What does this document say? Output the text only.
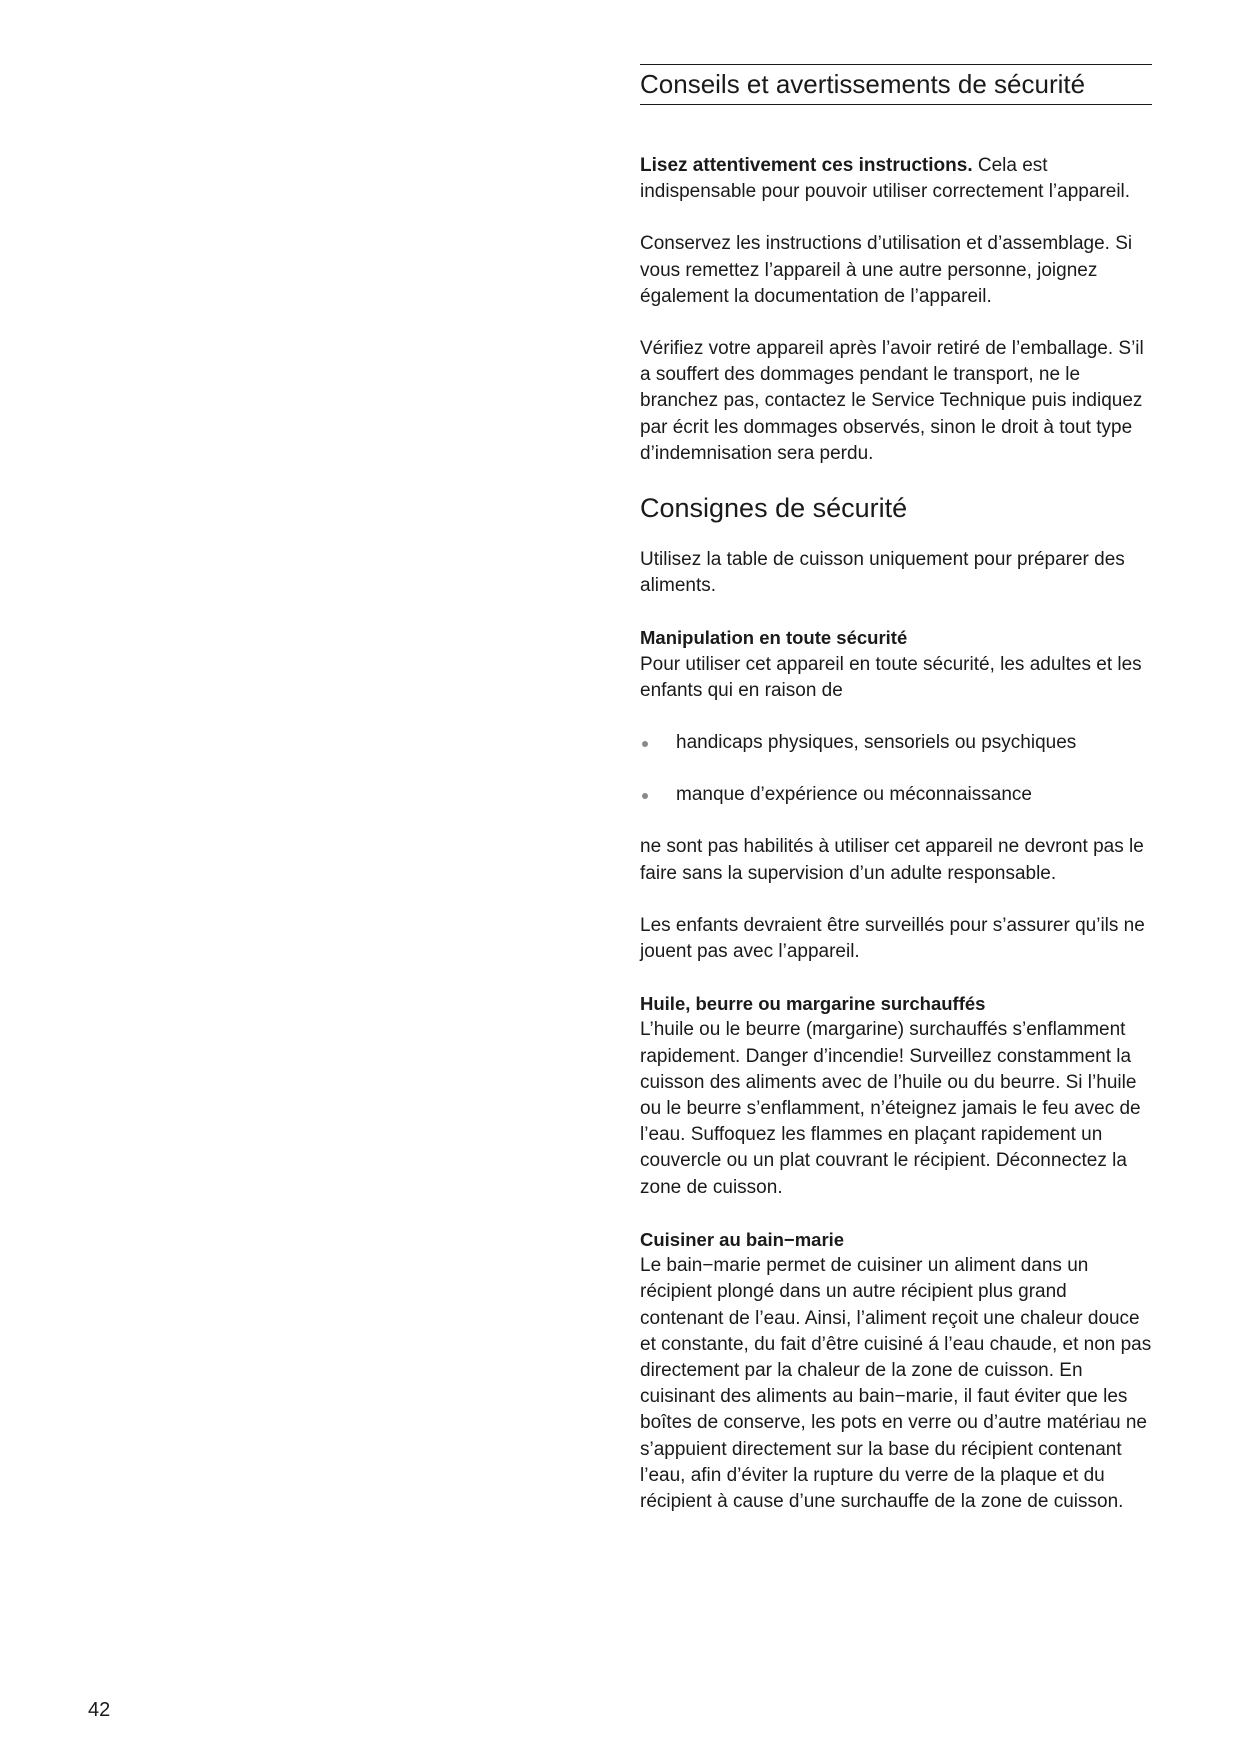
Conseils et avertissements de sécurité

Lisez attentivement ces instructions. Cela est indispensable pour pouvoir utiliser correctement l’appareil.

Conservez les instructions d’utilisation et d’assemblage. Si vous remettez l’appareil à une autre personne, joignez également la documentation de l’appareil.

Vérifiez votre appareil après l’avoir retiré de l’emballage. S’il a souffert des dommages pendant le transport, ne le branchez pas, contactez le Service Technique puis indiquez par écrit les dommages observés, sinon le droit à tout type d’indemnisation sera perdu.

Consignes de sécurité

Utilisez la table de cuisson uniquement pour préparer des aliments.

Manipulation en toute sécurité

Pour utiliser cet appareil en toute sécurité, les adultes et les enfants qui en raison de

handicaps physiques, sensoriels ou psychiques
manque d’expérience ou méconnaissance

ne sont pas habilités à utiliser cet appareil ne devront pas le faire sans la supervision d’un adulte responsable.

Les enfants devraient être surveillés pour s’assurer qu’ils ne jouent pas avec l’appareil.

Huile, beurre ou margarine surchauffés

L’huile ou le beurre (margarine) surchauffés s’enflamment rapidement. Danger d’incendie! Surveillez constamment la cuisson des aliments avec de l’huile ou du beurre. Si l’huile ou le beurre s’enflamment, n’éteignez jamais le feu avec de l’eau. Suffoquez les flammes en plaçant rapidement un couvercle ou un plat couvrant le récipient. Déconnectez la zone de cuisson.

Cuisiner au bain−marie

Le bain−marie permet de cuisiner un aliment dans un récipient plongé dans un autre récipient plus grand contenant de l’eau. Ainsi, l’aliment reçoit une chaleur douce et constante, du fait d’être cuisiné á l’eau chaude, et non pas directement par la chaleur de la zone de cuisson. En cuisinant des aliments au bain−marie, il faut éviter que les boîtes de conserve, les pots en verre ou d’autre matériau ne s’appuient directement sur la base du récipient contenant l’eau, afin d’éviter la rupture du verre de la plaque et du récipient à cause d’une surchauffe de la zone de cuisson.

42
